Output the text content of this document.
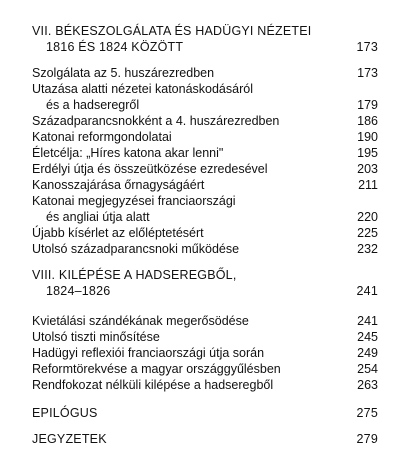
VII. BÉKESZOLGÁLATA ÉS HADÜGYI NÉZETEI
1816 ÉS 1824 KÖZÖTT	173
Szolgálata az 5. huszárezredben	173
Utazása alatti nézetei katonáskodásáról
és a hadseregről	179
Századparancsnokként a 4. huszárezredben	186
Katonai reformgondolatai	190
Életcélja: „Híres katona akar lenni"	195
Erdélyi útja és összeütközése ezredesével	203
Kanosszajárása őrnagyságáért	211
Katonai megjegyzései franciaországi
és angliai útja alatt	220
Újabb kísérlet az előléptetésért	225
Utolsó századparancsnoki működése	232
VIII. KILÉPÉSE A HADSEREGBŐL,
1824–1826	241
Kvietálási szándékának megerősödése	241
Utolsó tiszti minősítése	245
Hadügyi reflexiói franciaországi útja során	249
Reformtörekvése a magyar országgyűlésben	254
Rendfokozat nélküli kilépése a hadseregből	263
EPILÓGUS	275
JEGYZETEK	279
